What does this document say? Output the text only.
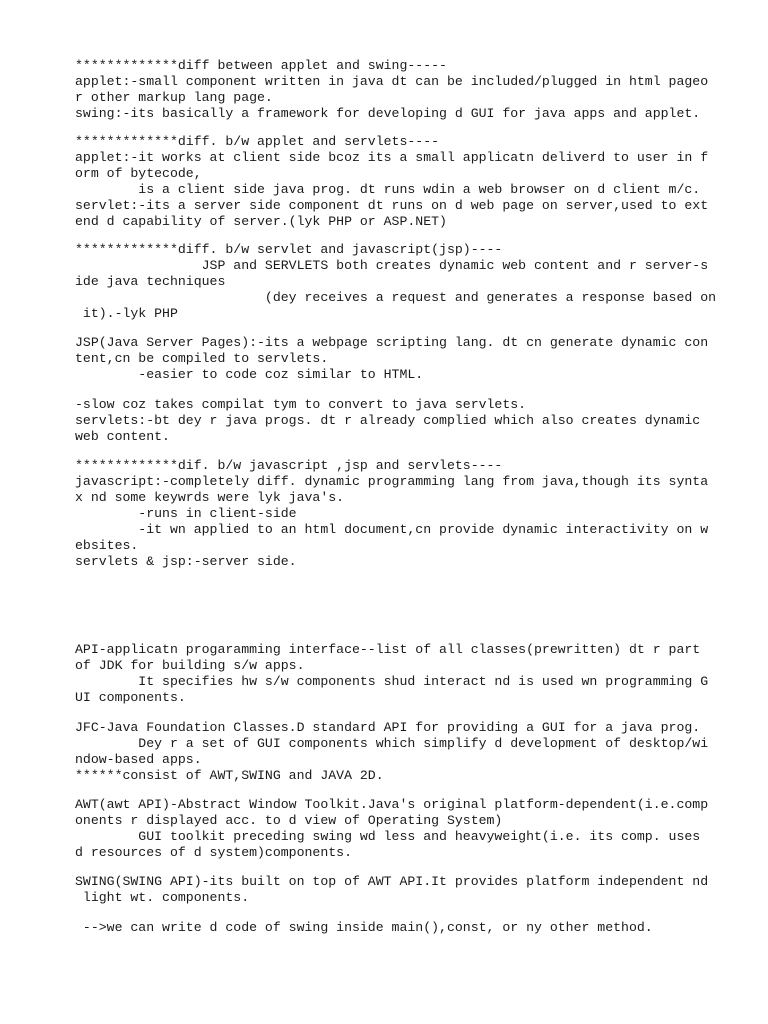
*************diff between applet and swing-----

applet:-small component written in java dt can be included/plugged in html pageo

r other markup lang page.

swing:-its basically a framework for developing d GUI for java apps and applet.

*************diff. b/w applet and servlets----

applet:-it works at client side bcoz its a small applicatn deliverd to user in f

orm of bytecode,

is a client side java prog. dt runs wdin a web browser on d client m/c.

servlet:-its a server side component dt runs on d web page on server,used to ext

end d capability of server.(lyk PHP or ASP.NET)

*************diff. b/w servlet and javascript(jsp)----

JSP and SERVLETS both creates dynamic web content and r server-s

ide java techniques

(dey receives a request and generates a response based on

it).-lyk PHP

JSP(Java Server Pages):-its a webpage scripting lang. dt cn generate dynamic con

tent,cn be compiled to servlets.

-easier to code coz similar to HTML.

-slow coz takes compilat tym to convert to java servlets.

servlets:-bt dey r java progs. dt r already complied which also creates dynamic

web content.

*************dif. b/w javascript ,jsp and servlets----

javascript:-completely diff. dynamic programming lang from java,though its synta

x nd some keywrds were lyk java's.

-runs in client-side

-it wn applied to an html document,cn provide dynamic interactivity on w

ebsites.

servlets & jsp:-server side.

API-applicatn progaramming interface--list of all classes(prewritten) dt r part

of JDK for building s/w apps.

It specifies hw s/w components shud interact nd is used wn programming G

UI components.

JFC-Java Foundation Classes.D standard API for providing a GUI for a java prog.

Dey r a set of GUI components which simplify d development of desktop/wi

ndow-based apps.

******consist of AWT,SWING and JAVA 2D.

AWT(awt API)-Abstract Window Toolkit.Java's original platform-dependent(i.e.comp

onents r displayed acc. to d view of Operating System)

GUI toolkit preceding swing wd less and heavyweight(i.e. its comp. uses

d resources of d system)components.

SWING(SWING API)-its built on top of AWT API.It provides platform independent nd

light wt. components.

-->we can write d code of swing inside main(),const, or ny other method.
